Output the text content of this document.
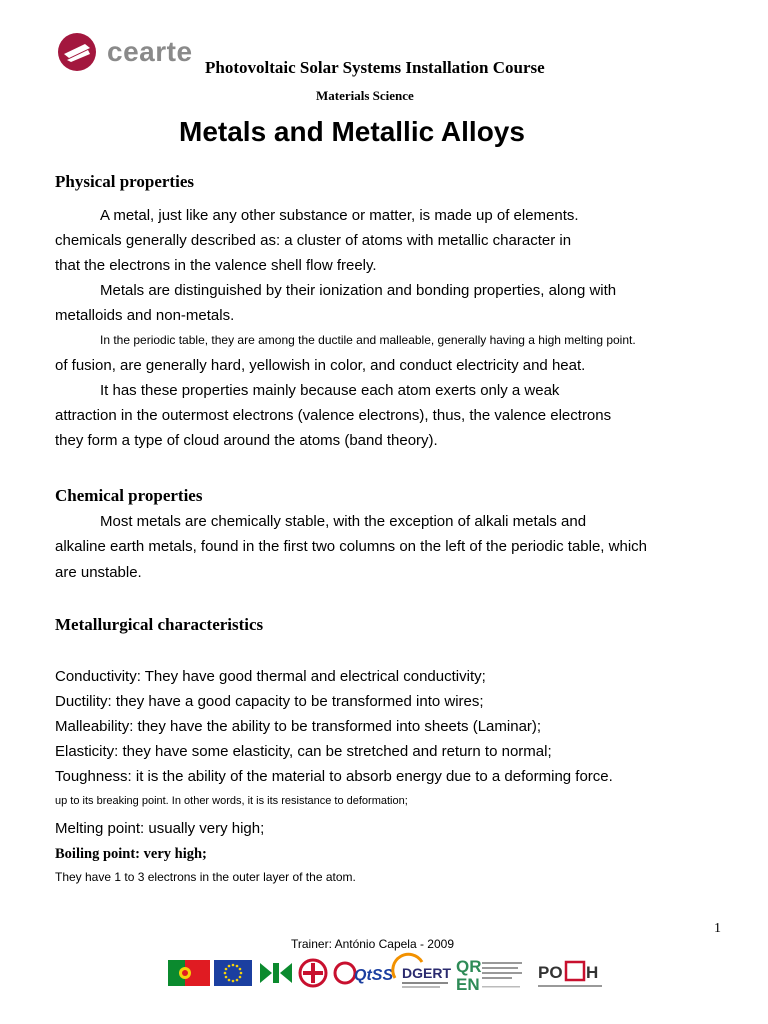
cearte
Photovoltaic Solar Systems Installation Course
Materials Science
Metals and Metallic Alloys
Physical properties
A metal, just like any other substance or matter, is made up of elements.
chemicals generally described as: a cluster of atoms with metallic character in
that the electrons in the valence shell flow freely.
Metals are distinguished by their ionization and bonding properties, along with
metalloids and non-metals.
In the periodic table, they are among the ductile and malleable, generally having a high melting point.
of fusion, are generally hard, yellowish in color, and conduct electricity and heat.
It has these properties mainly because each atom exerts only a weak
attraction in the outermost electrons (valence electrons), thus, the valence electrons
they form a type of cloud around the atoms (band theory).
Chemical properties
Most metals are chemically stable, with the exception of alkali metals and
alkaline earth metals, found in the first two columns on the left of the periodic table, which
are unstable.
Metallurgical characteristics
Conductivity: They have good thermal and electrical conductivity;
Ductility: they have a good capacity to be transformed into wires;
Malleability: they have the ability to be transformed into sheets (Laminar);
Elasticity: they have some elasticity, can be stretched and return to normal;
Toughness: it is the ability of the material to absorb energy due to a deforming force.
up to its breaking point. In other words, it is its resistance to deformation;
Melting point: usually very high;
Boiling point: very high;
They have 1 to 3 electrons in the outer layer of the atom.
1
Trainer: António Capela - 2009
QtSS DGERT QR
EN
PO H
